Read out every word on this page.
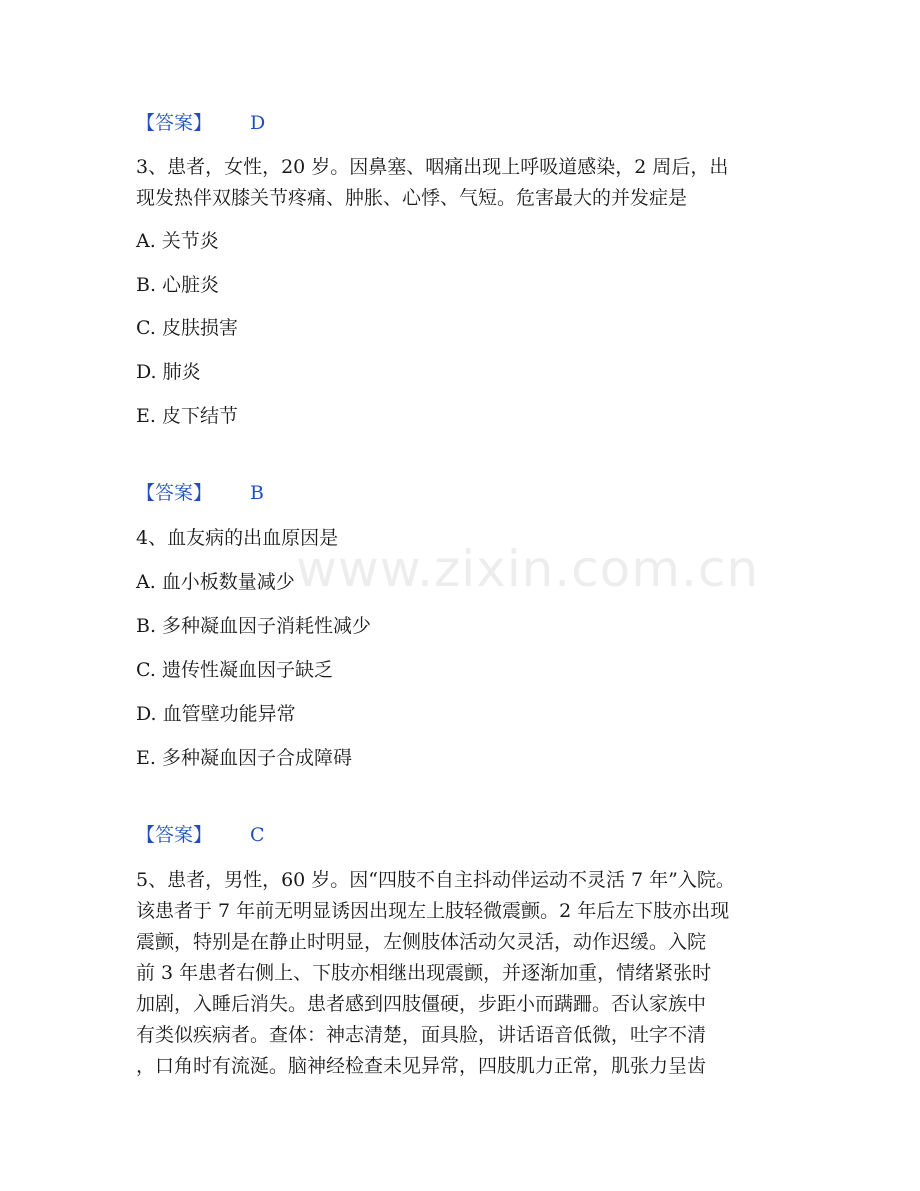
www.zixin.com.cn
【答案】 D
3、患者，女性，20 岁。因鼻塞、咽痛出现上呼吸道感染，2 周后，出
现发热伴双膝关节疼痛、肿胀、心悸、气短。危害最大的并发症是
A. 关节炎
B. 心脏炎
C. 皮肤损害
D. 肺炎
E. 皮下结节
【答案】 B
4、血友病的出血原因是
A. 血小板数量减少
B. 多种凝血因子消耗性减少
C. 遗传性凝血因子缺乏
D. 血管壁功能异常
E. 多种凝血因子合成障碍
【答案】 C
5、患者，男性，60 岁。因“四肢不自主抖动伴运动不灵活 7 年”入院。
该患者于 7 年前无明显诱因出现左上肢轻微震颤。2 年后左下肢亦出现
震颤，特别是在静止时明显，左侧肢体活动欠灵活，动作迟缓。入院
前 3 年患者右侧上、下肢亦相继出现震颤，并逐渐加重，情绪紧张时
加剧，入睡后消失。患者感到四肢僵硬，步距小而蹒跚。否认家族中
有类似疾病者。查体：神志清楚，面具脸，讲话语音低微，吐字不清
，口角时有流涎。脑神经检查未见异常，四肢肌力正常，肌张力呈齿
